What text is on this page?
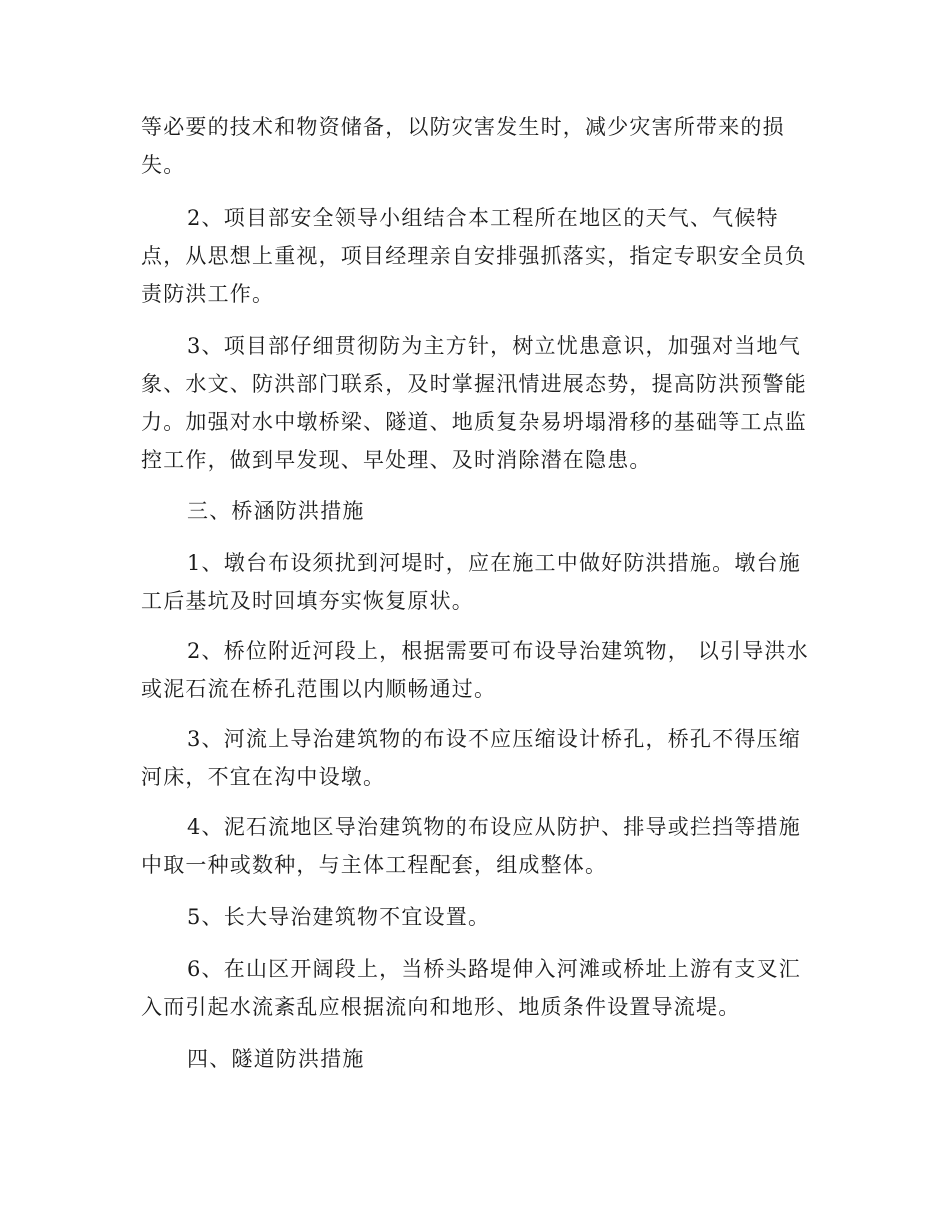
等必要的技术和物资储备，以防灾害发生时，减少灾害所带来的损失。

2、项目部安全领导小组结合本工程所在地区的天气、气候特点，从思想上重视，项目经理亲自安排强抓落实，指定专职安全员负责防洪工作。

3、项目部仔细贯彻防为主方针，树立忧患意识，加强对当地气象、水文、防洪部门联系，及时掌握汛情进展态势，提高防洪预警能力。加强对水中墩桥梁、隧道、地质复杂易坍塌滑移的基础等工点监控工作，做到早发现、早处理、及时消除潜在隐患。

三、桥涵防洪措施

1、墩台布设须扰到河堤时，应在施工中做好防洪措施。墩台施工后基坑及时回填夯实恢复原状。

2、桥位附近河段上，根据需要可布设导治建筑物， 以引导洪水或泥石流在桥孔范围以内顺畅通过。

3、河流上导治建筑物的布设不应压缩设计桥孔，桥孔不得压缩河床，不宜在沟中设墩。

4、泥石流地区导治建筑物的布设应从防护、排导或拦挡等措施中取一种或数种，与主体工程配套，组成整体。

5、长大导治建筑物不宜设置。

6、在山区开阔段上，当桥头路堤伸入河滩或桥址上游有支叉汇入而引起水流紊乱应根据流向和地形、地质条件设置导流堤。

四、隧道防洪措施
